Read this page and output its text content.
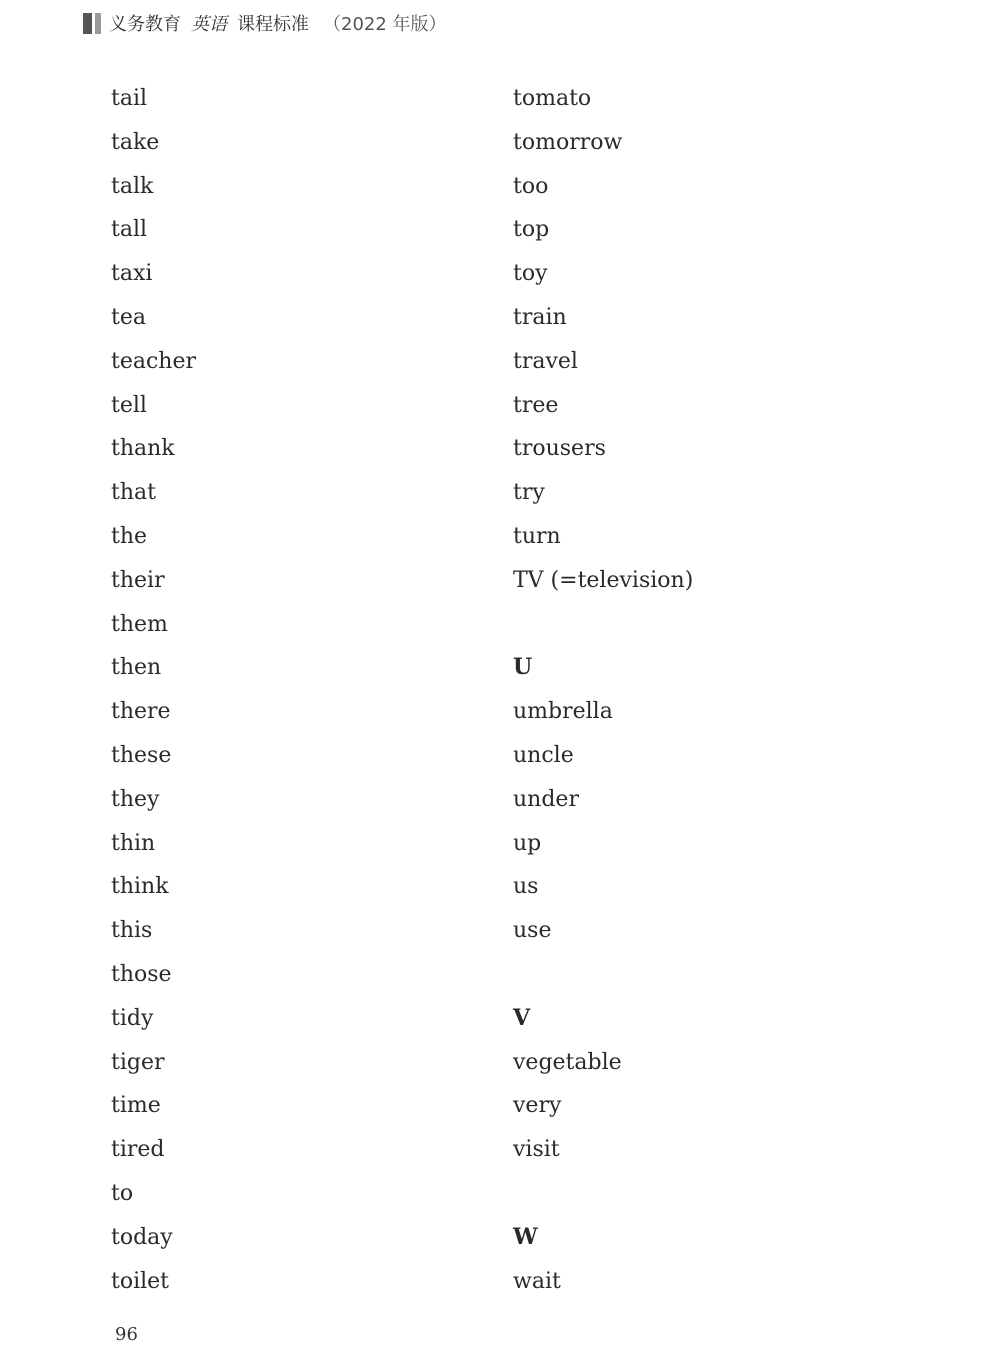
义务教育 英语 课程标准 （2022 年版）
tail
take
talk
tall
taxi
tea
teacher
tell
thank
that
the
their
them
then
there
these
they
thin
think
this
those
tidy
tiger
time
tired
to
today
toilet
tomato
tomorrow
too
top
toy
train
travel
tree
trousers
try
turn
TV (=television)
U
umbrella
uncle
under
up
us
use
V
vegetable
very
visit
W
wait
96
